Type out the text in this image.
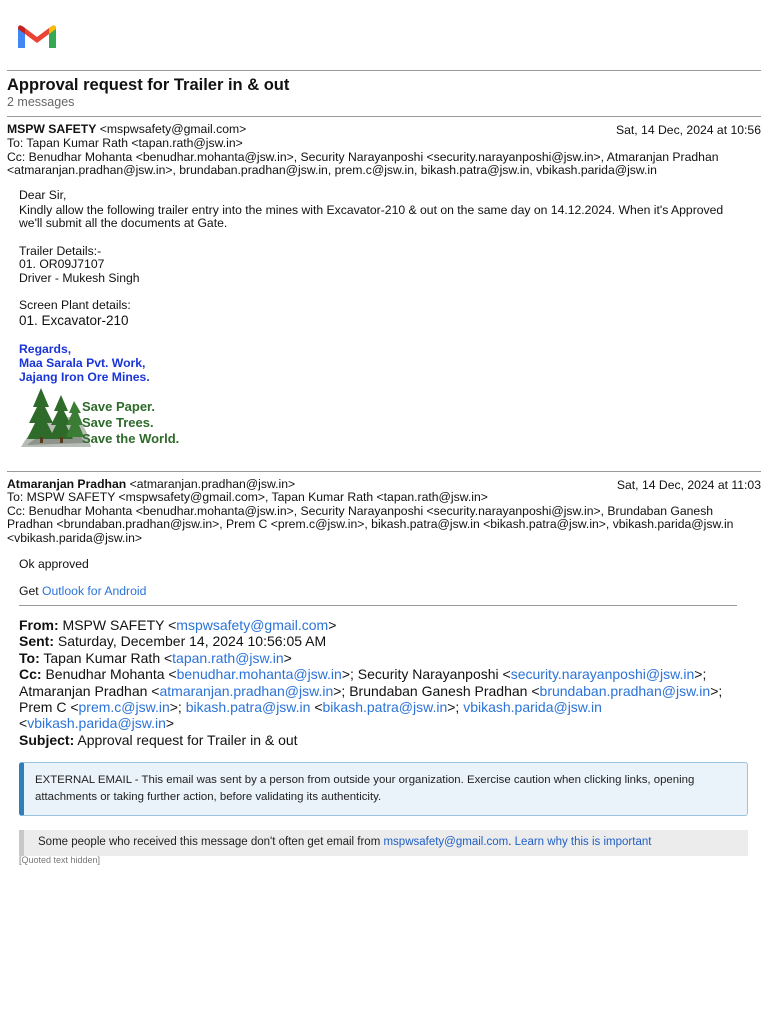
Approval request for Trailer in & out
2 messages
MSPW SAFETY <mspwsafety@gmail.com>	Sat, 14 Dec, 2024 at 10:56
To: Tapan Kumar Rath <tapan.rath@jsw.in>
Cc: Benudhar Mohanta <benudhar.mohanta@jsw.in>, Security Narayanposhi <security.narayanposhi@jsw.in>, Atmaranjan Pradhan
<atmaranjan.pradhan@jsw.in>, brundaban.pradhan@jsw.in, prem.c@jsw.in, bikash.patra@jsw.in, vbikash.parida@jsw.in
Dear Sir,
Kindly allow the following trailer entry into the mines with Excavator-210 & out on the same day on 14.12.2024. When it's Approved
we'll submit all the documents at Gate.
Trailer Details:-
01. OR09J7107
Driver - Mukesh Singh
Screen Plant details:
01. Excavator-210
Regards,
Maa Sarala Pvt. Work,
Jajang Iron Ore Mines.
Save Paper.
Save Trees.
Save the World.
Atmaranjan Pradhan <atmaranjan.pradhan@jsw.in>	Sat, 14 Dec, 2024 at 11:03
To: MSPW SAFETY <mspwsafety@gmail.com>, Tapan Kumar Rath <tapan.rath@jsw.in>
Cc: Benudhar Mohanta <benudhar.mohanta@jsw.in>, Security Narayanposhi <security.narayanposhi@jsw.in>, Brundaban Ganesh
Pradhan <brundaban.pradhan@jsw.in>, Prem C <prem.c@jsw.in>, bikash.patra@jsw.in <bikash.patra@jsw.in>, vbikash.parida@jsw.in
<vbikash.parida@jsw.in>
Ok approved
Get Outlook for Android
From: MSPW SAFETY <mspwsafety@gmail.com>
Sent: Saturday, December 14, 2024 10:56:05 AM
To: Tapan Kumar Rath <tapan.rath@jsw.in>
Cc: Benudhar Mohanta <benudhar.mohanta@jsw.in>; Security Narayanposhi <security.narayanposhi@jsw.in>;
Atmaranjan Pradhan <atmaranjan.pradhan@jsw.in>; Brundaban Ganesh Pradhan <brundaban.pradhan@jsw.in>;
Prem C <prem.c@jsw.in>; bikash.patra@jsw.in <bikash.patra@jsw.in>; vbikash.parida@jsw.in
<vbikash.parida@jsw.in>
Subject: Approval request for Trailer in & out
EXTERNAL EMAIL - This email was sent by a person from outside your organization. Exercise caution when clicking links, opening attachments or taking further action, before validating its authenticity.
Some people who received this message don't often get email from mspwsafety@gmail.com. Learn why this is important
[Quoted text hidden]
